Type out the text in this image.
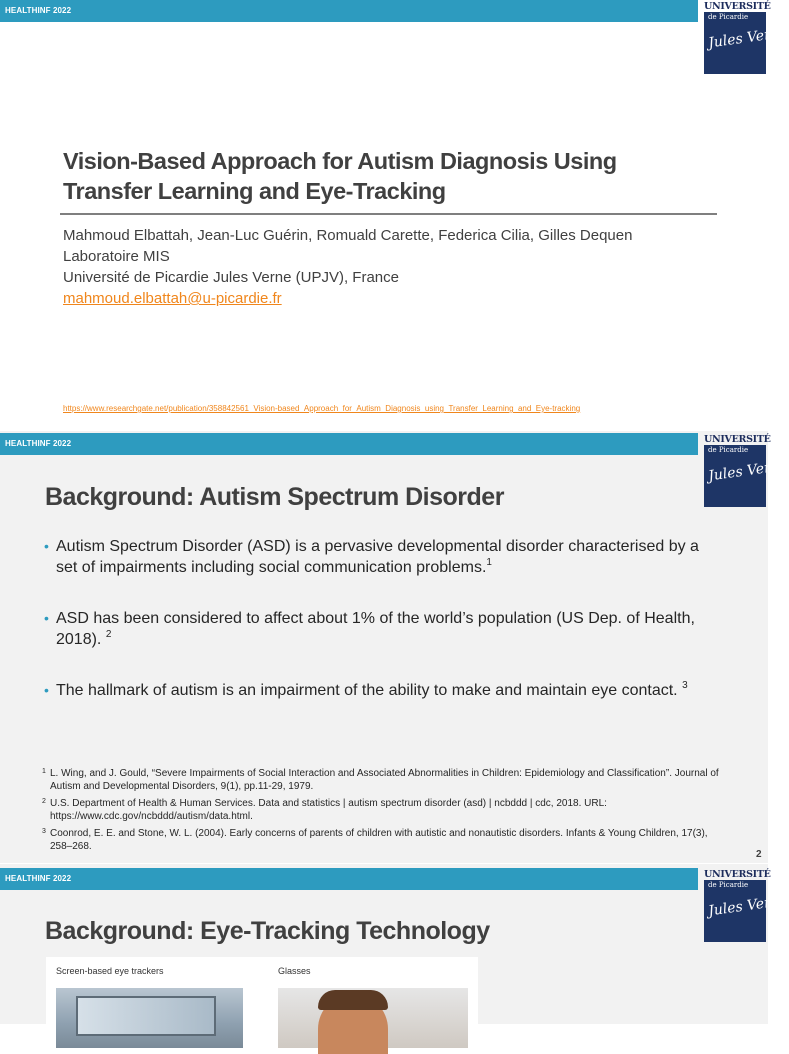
HEALTHINF 2022	UNIVERSITÉ
de Picardie
Jules Verne
Vision-Based Approach for Autism Diagnosis Using Transfer Learning and Eye-Tracking
Mahmoud Elbattah, Jean-Luc Guérin, Romuald Carette, Federica Cilia, Gilles Dequen
Laboratoire MIS
Université de Picardie Jules Verne (UPJV), France
mahmoud.elbattah@u-picardie.fr
https://www.researchgate.net/publication/358842561_Vision-based_Approach_for_Autism_Diagnosis_using_Transfer_Learning_and_Eye-tracking
HEALTHINF 2022	UNIVERSITÉ
de Picardie
Jules Verne
Background: Autism Spectrum Disorder
• Autism Spectrum Disorder (ASD) is a pervasive developmental disorder characterised by a set of impairments including social communication problems.$^1$
• ASD has been considered to affect about 1% of the world’s population (US Dep. of Health, 2018). $^2$
• The hallmark of autism is an impairment of the ability to make and maintain eye contact. $^3$
1 L. Wing, and J. Gould, “Severe Impairments of Social Interaction and Associated Abnormalities in Children: Epidemiology and Classification”. Journal of Autism and Developmental Disorders, 9(1), pp.11-29, 1979.
2 U.S. Department of Health & Human Services. Data and statistics | autism spectrum disorder (asd) | ncbddd | cdc, 2018. URL: https://www.cdc.gov/ncbddd/autism/data.html.
3 Coonrod, E. E. and Stone, W. L. (2004). Early concerns of parents of children with autistic and nonautistic disorders. Infants & Young Children, 17(3), 258–268.
2
HEALTHINF 2022	UNIVERSITÉ
de Picardie
Jules Verne
Background: Eye-Tracking Technology
Screen-based eye trackers	Glasses
